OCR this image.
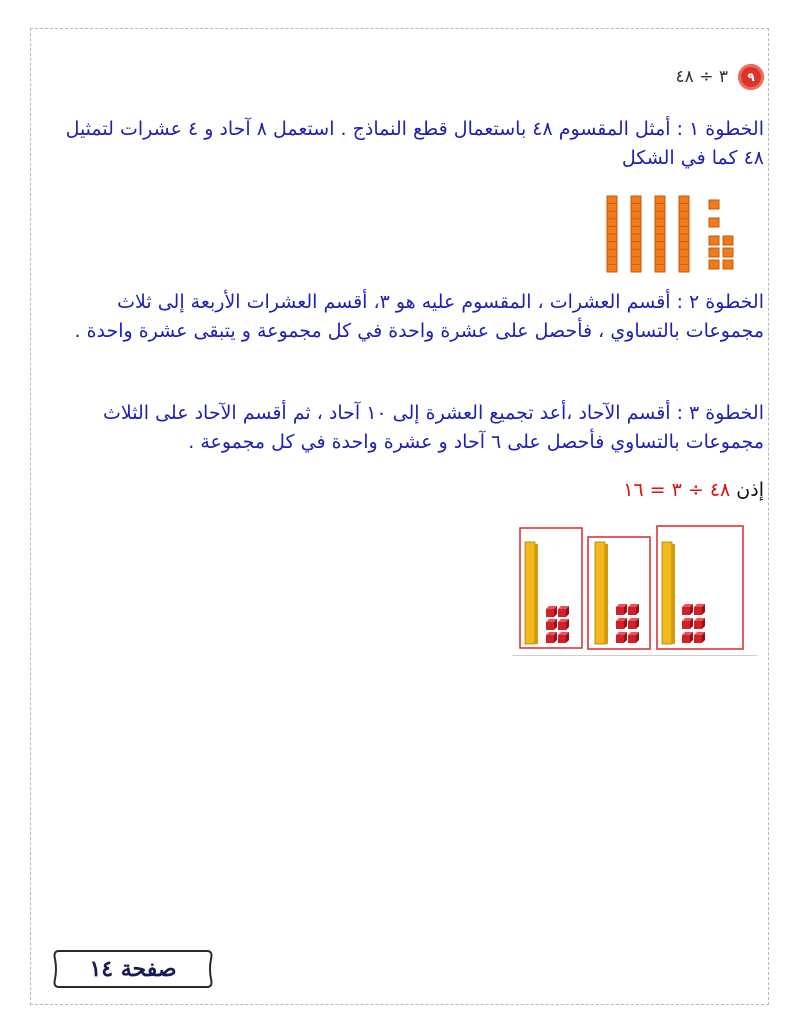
٩
٣ ÷ ٤٨
الخطوة ١ : أمثل المقسوم ٤٨ باستعمال قطع النماذج . استعمل ٨ آحاد و ٤ عشرات لتمثيل ٤٨ كما في الشكل
الخطوة ٢ : أقسم العشرات ، المقسوم عليه هو ٣، أقسم العشرات الأربعة إلى ثلاث مجموعات بالتساوي ، فأحصل على عشرة واحدة في كل مجموعة و يتبقى عشرة واحدة .
الخطوة ٣ : أقسم الآحاد ،أعد تجميع العشرة إلى ١٠ آحاد ، ثم أقسم الآحاد على الثلاث مجموعات بالتساوي فأحصل على ٦ آحاد و عشرة واحدة في كل مجموعة .
إذن ٤٨ ÷ ٣ = ١٦
صفحة ١٤
